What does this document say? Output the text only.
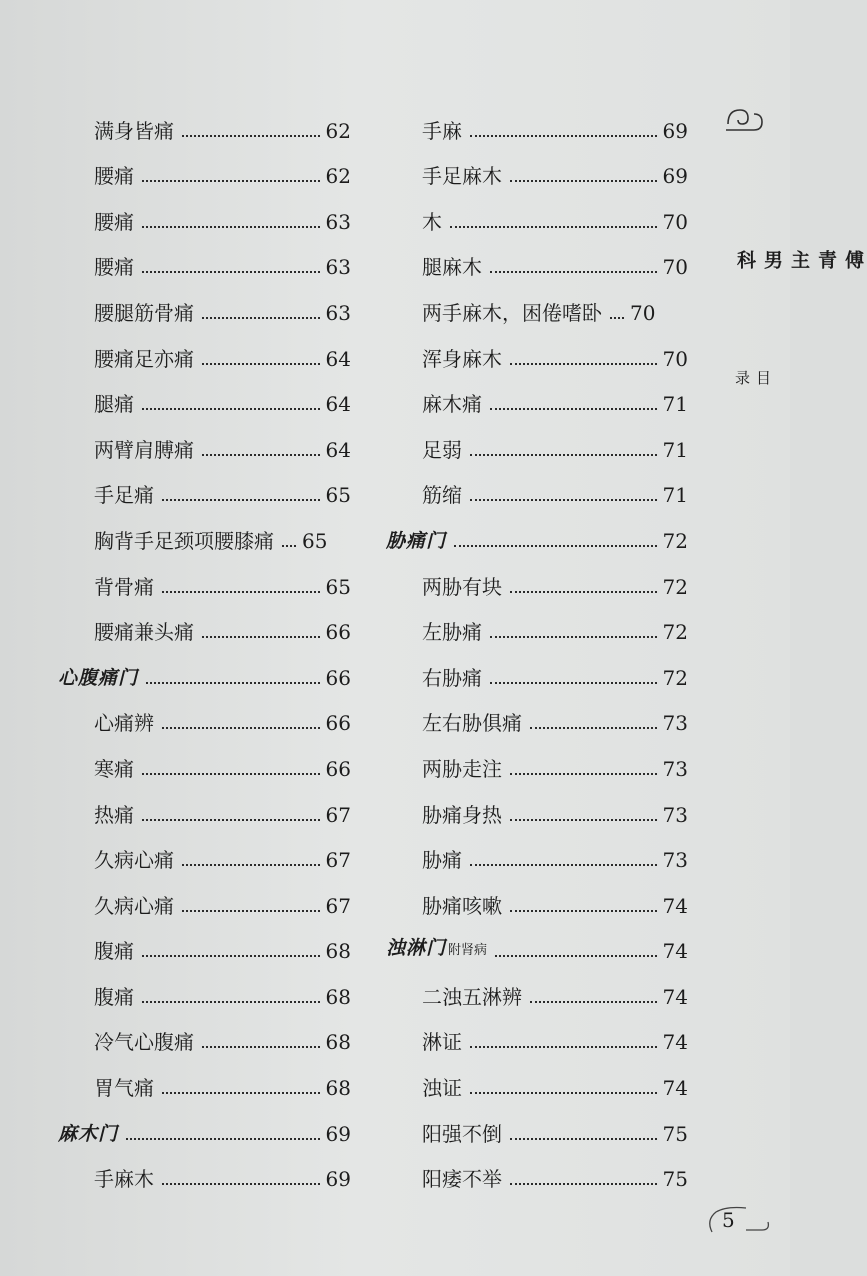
满身皆痛	62
腰痛	62
腰痛	63
腰痛	63
腰腿筋骨痛	63
腰痛足亦痛	64
腿痛	64
两臂肩膊痛	64
手足痛	65
胸背手足颈项腰膝痛 65
背骨痛	65
腰痛兼头痛	66
心腹痛门	66
心痛辨	66
寒痛	66
热痛	67
久病心痛	67
久病心痛	67
腹痛	68
腹痛	68
冷气心腹痛	68
胃气痛	68
麻木门	69
手麻木	69
手麻	69
手足麻木	69
木	70
腿麻木	70
两手麻木，困倦嗜卧 70
浑身麻木	70
麻木痛	71
足弱	71
筋缩	71
胁痛门	72
两胁有块	72
左胁痛	72
右胁痛	72
左右胁俱痛	73
两胁走注	73
胁痛身热	73
胁痛	73
胁痛咳嗽	74
浊淋门 附肾病	74
二浊五淋辨	74
淋证	74
浊证	74
阳强不倒	75
阳痿不举	75
傅青主男科
目录
5
